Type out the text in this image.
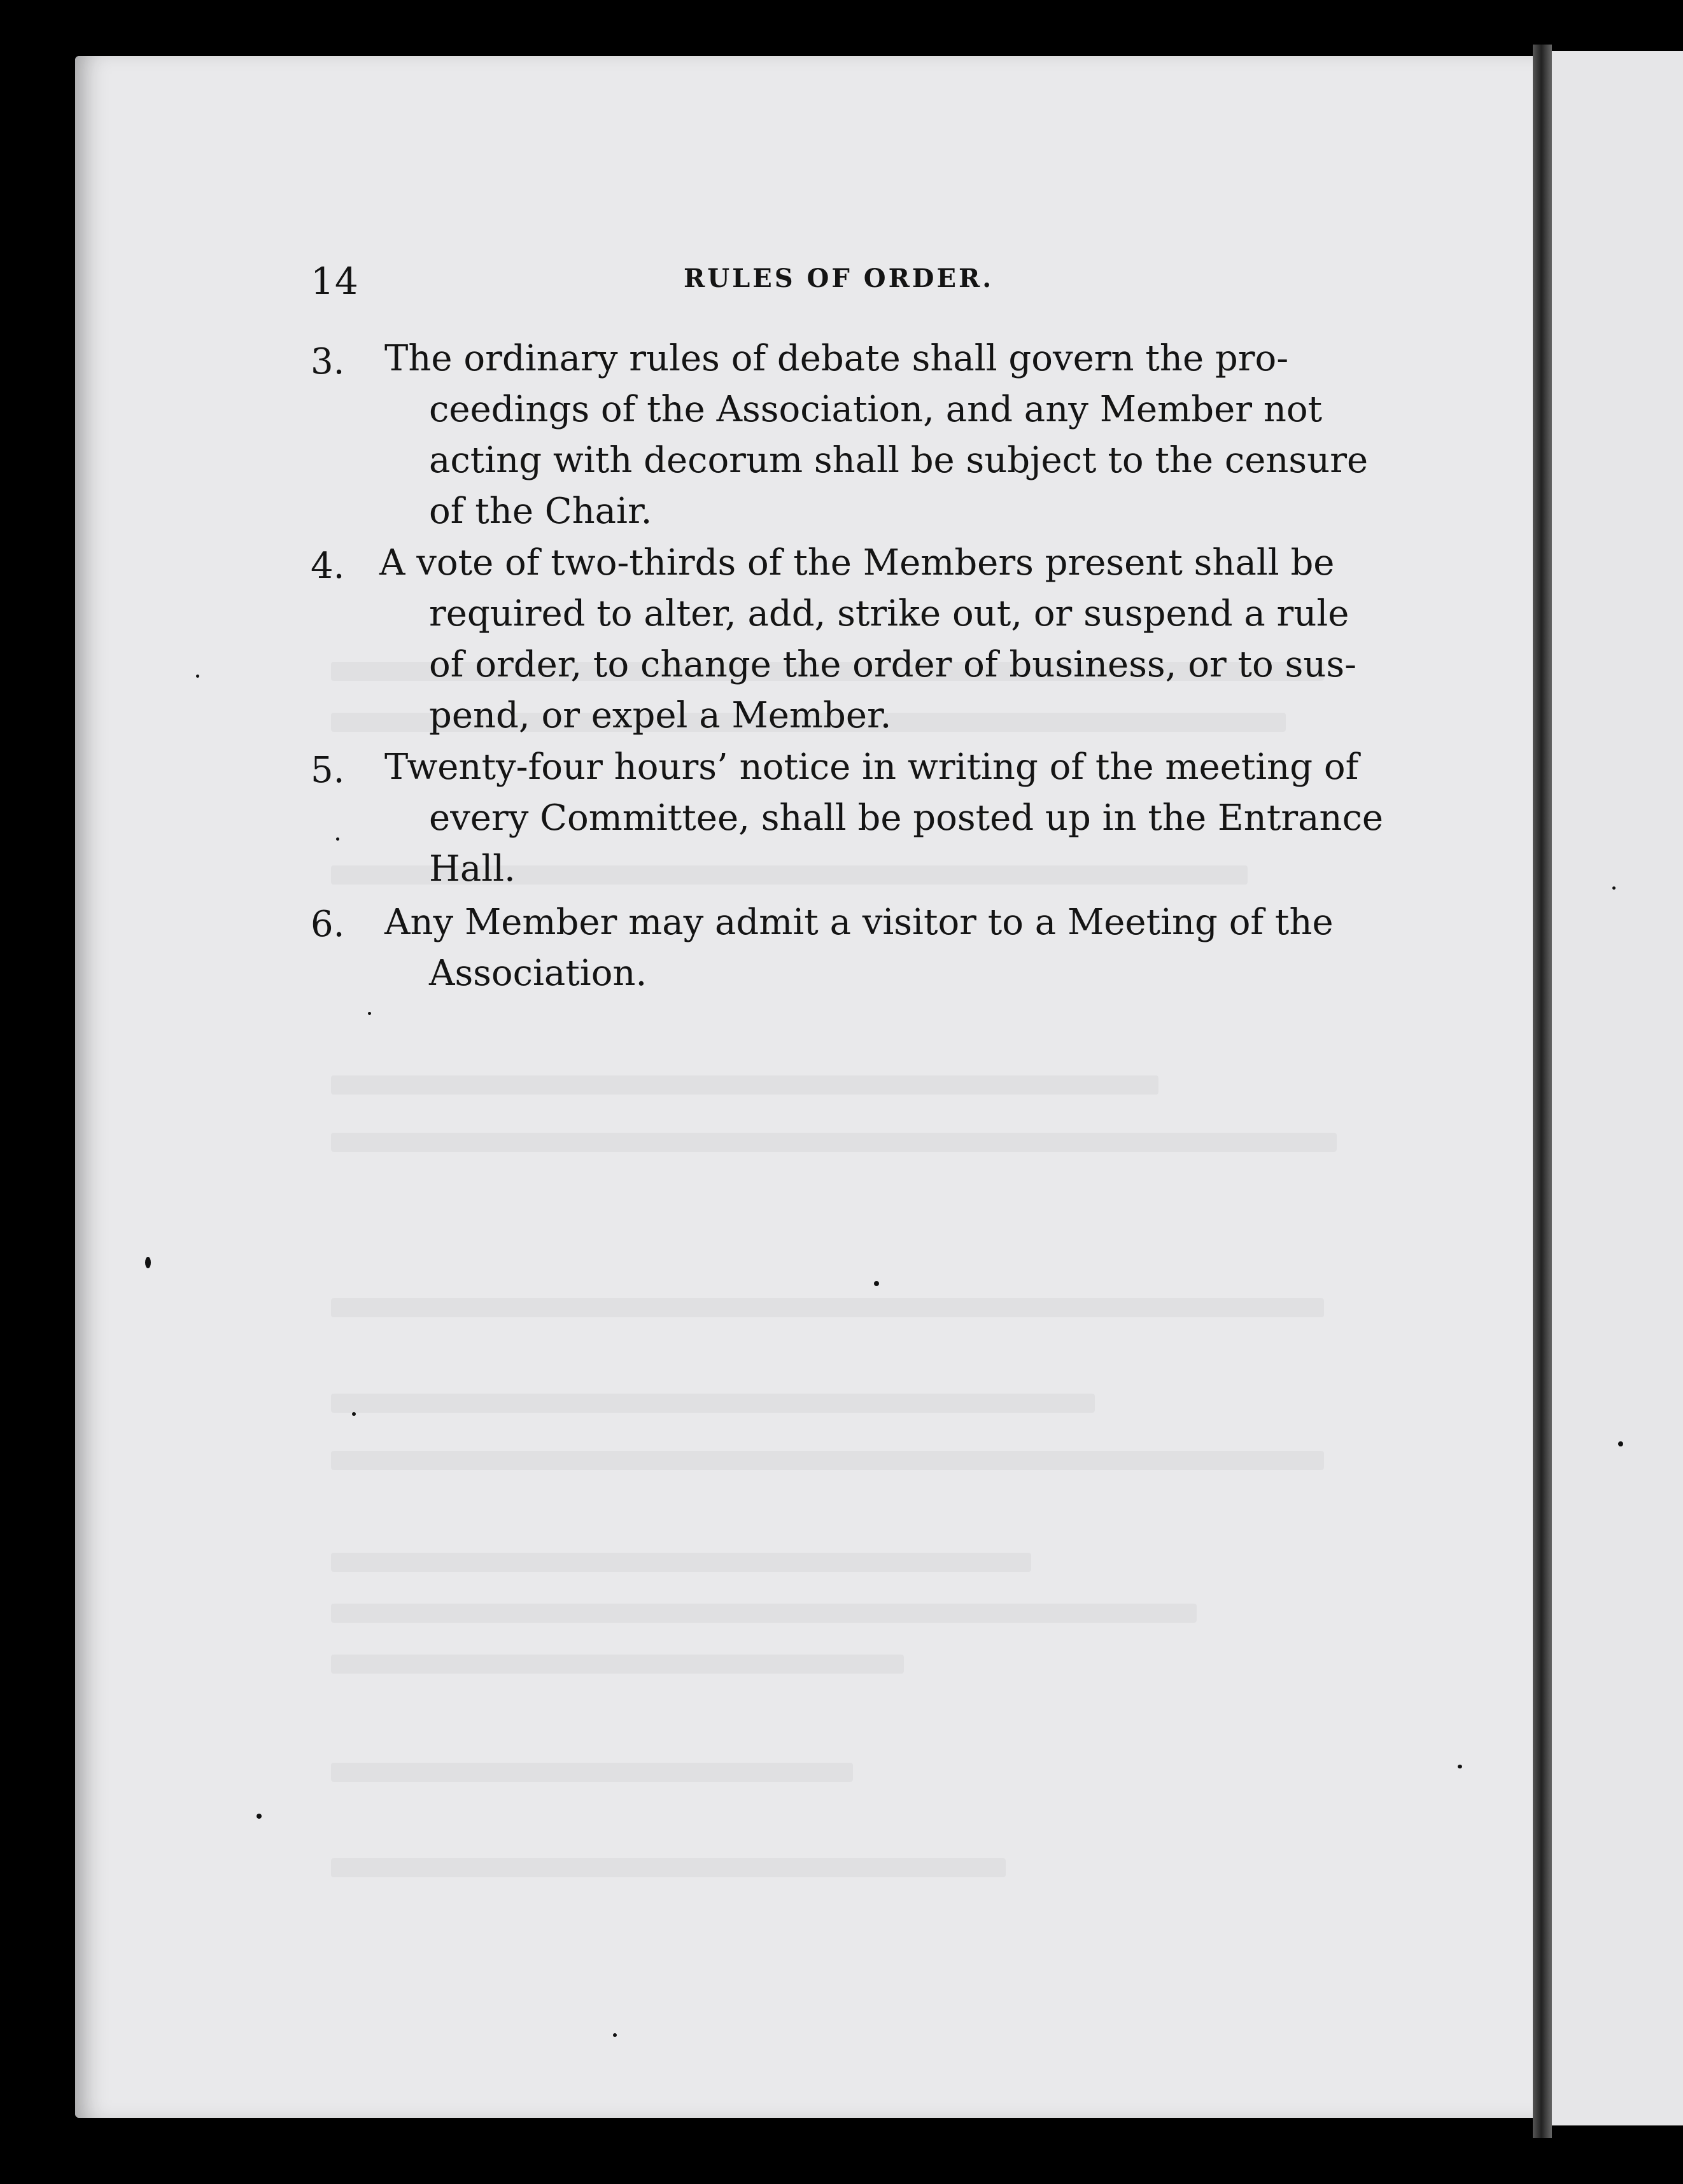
14	RULES OF ORDER.
3. The ordinary rules of debate shall govern the pro-
ceedings of the Association, and any Member not
acting with decorum shall be subject to the censure
of the Chair.
4. A vote of two-thirds of the Members present shall be
required to alter, add, strike out, or suspend a rule
of order, to change the order of business, or to sus-
pend, or expel a Member.
5. Twenty-four hours’ notice in writing of the meeting of
every Committee, shall be posted up in the Entrance
Hall.
6. Any Member may admit a visitor to a Meeting of the
Association.
